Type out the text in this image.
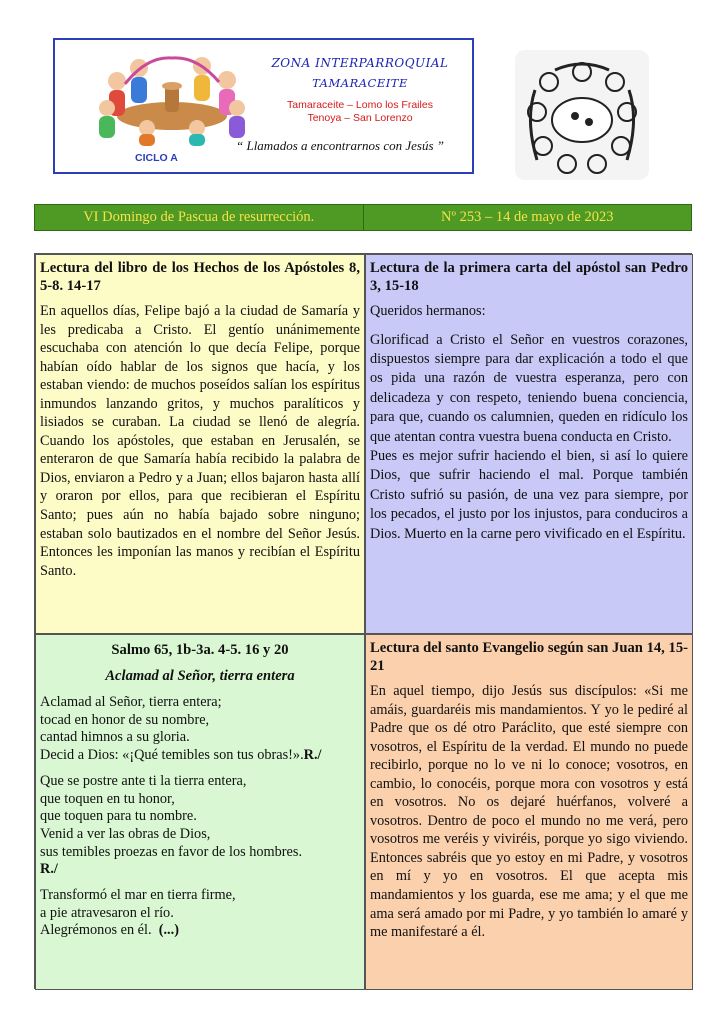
ZONA INTERPARROQUIAL
TAMARACEITE
Tamaraceite – Lomo los Frailes
Tenoya – San Lorenzo
“ Llamados a encontrarnos con Jesús ”
CICLO A
VI Domingo de Pascua de resurrección.	Nº 253 – 14 de mayo de 2023
Lectura del libro de los Hechos de los Apóstoles 8, 5-8. 14-17

En aquellos días, Felipe bajó a la ciudad de Samaría y les predicaba a Cristo. El gentío unánimemente escuchaba con atención lo que decía Felipe, porque habían oído hablar de los signos que hacía, y los estaban viendo: de muchos poseídos salían los espíritus inmundos lanzando gritos, y muchos paralíticos y lisiados se curaban. La ciudad se llenó de alegría. Cuando los apóstoles, que estaban en Jerusalén, se enteraron de que Samaría había recibido la palabra de Dios, enviaron a Pedro y a Juan; ellos bajaron hasta allí y oraron por ellos, para que recibieran el Espíritu Santo; pues aún no había bajado sobre ninguno; estaban solo bautizados en el nombre del Señor Jesús. Entonces les imponían las manos y recibían el Espíritu Santo.

Lectura de la primera carta del apóstol san Pedro 3, 15-18

Queridos hermanos:

Glorificad a Cristo el Señor en vuestros corazones, dispuestos siempre para dar explicación a todo el que os pida una razón de vuestra esperanza, pero con delicadeza y con respeto, teniendo buena conciencia, para que, cuando os calumnien, queden en ridículo los que atentan contra vuestra buena conducta en Cristo.

Pues es mejor sufrir haciendo el bien, si así lo quiere Dios, que sufrir haciendo el mal. Porque también Cristo sufrió su pasión, de una vez para siempre, por los pecados, el justo por los injustos, para conduciros a Dios. Muerto en la carne pero vivificado en el Espíritu.

Salmo 65, 1b-3a. 4-5. 16 y 20
Aclamad al Señor, tierra entera
Aclamad al Señor, tierra entera;
tocad en honor de su nombre,
cantad himnos a su gloria.
Decid a Dios: «¡Qué temibles son tus obras!».R./
Que se postre ante ti la tierra entera,
que toquen en tu honor,
que toquen para tu nombre.
Venid a ver las obras de Dios,
sus temibles proezas en favor de los hombres.
R./
Transformó el mar en tierra firme,
a pie atravesaron el río.
Alegrémonos en él. (...)
Lectura del santo Evangelio según san Juan 14, 15-21

En aquel tiempo, dijo Jesús sus discípulos: «Si me amáis, guardaréis mis mandamientos. Y yo le pediré al Padre que os dé otro Paráclito, que esté siempre con vosotros, el Espíritu de la verdad. El mundo no puede recibirlo, porque no lo ve ni lo conoce; vosotros, en cambio, lo conocéis, porque mora con vosotros y está en vosotros. No os dejaré huérfanos, volveré a vosotros. Dentro de poco el mundo no me verá, pero vosotros me veréis y viviréis, porque yo sigo viviendo. Entonces sabréis que yo estoy en mi Padre, y vosotros en mí y yo en vosotros. El que acepta mis mandamientos y los guarda, ese me ama; y el que me ama será amado por mi Padre, y yo también lo amaré y me manifestaré a él.
